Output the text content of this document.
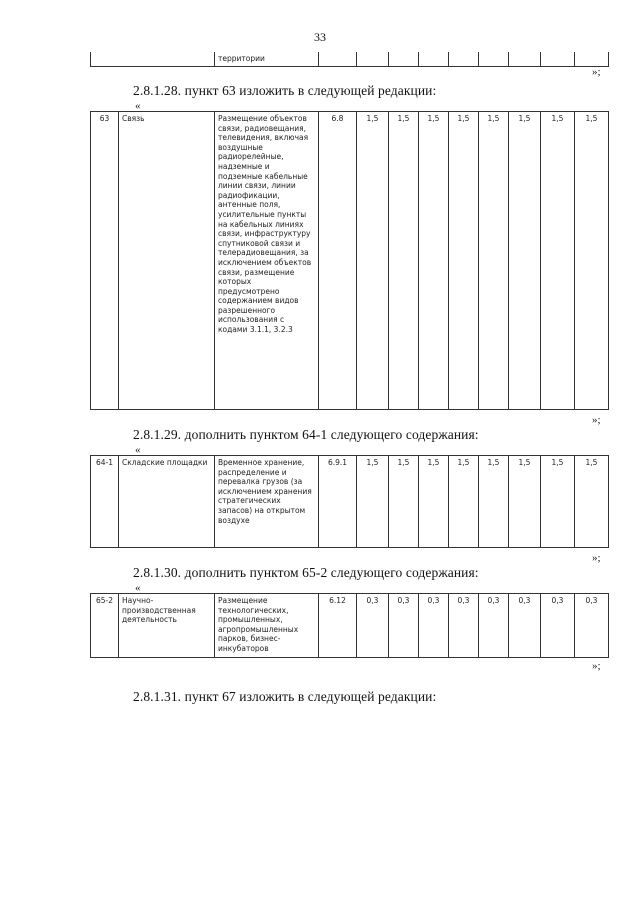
33
	территории									
»;
2.8.1.28. пункт 63 изложить в следующей редакции:
«
63	Связь	Размещение объектов связи, радиовещания, телевидения, включая воздушные радиорелейные, надземные и подземные кабельные линии связи, линии радиофикации, антенные поля, усилительные пункты на кабельных линиях связи, инфраструктуру спутниковой связи и телерадиовещания, за исключением объектов связи, размещение которых предусмотрено содержанием видов разрешенного использования с кодами 3.1.1, 3.2.3	6.8	1,5	1,5	1,5	1,5	1,5	1,5	1,5	1,5
»;
2.8.1.29. дополнить пунктом 64-1 следующего содержания:
«
64-1	Складские площадки	Временное хранение, распределение и перевалка грузов (за исключением хранения стратегических запасов) на открытом воздухе	6.9.1	1,5	1,5	1,5	1,5	1,5	1,5	1,5	1,5
»;
2.8.1.30. дополнить пунктом 65-2 следующего содержания:
«
65-2	Научно-производственная деятельность	Размещение технологических, промышленных, агропромышленных парков, бизнес-инкубаторов	6.12	0,3	0,3	0,3	0,3	0,3	0,3	0,3	0,3
»;
2.8.1.31. пункт 67 изложить в следующей редакции:
